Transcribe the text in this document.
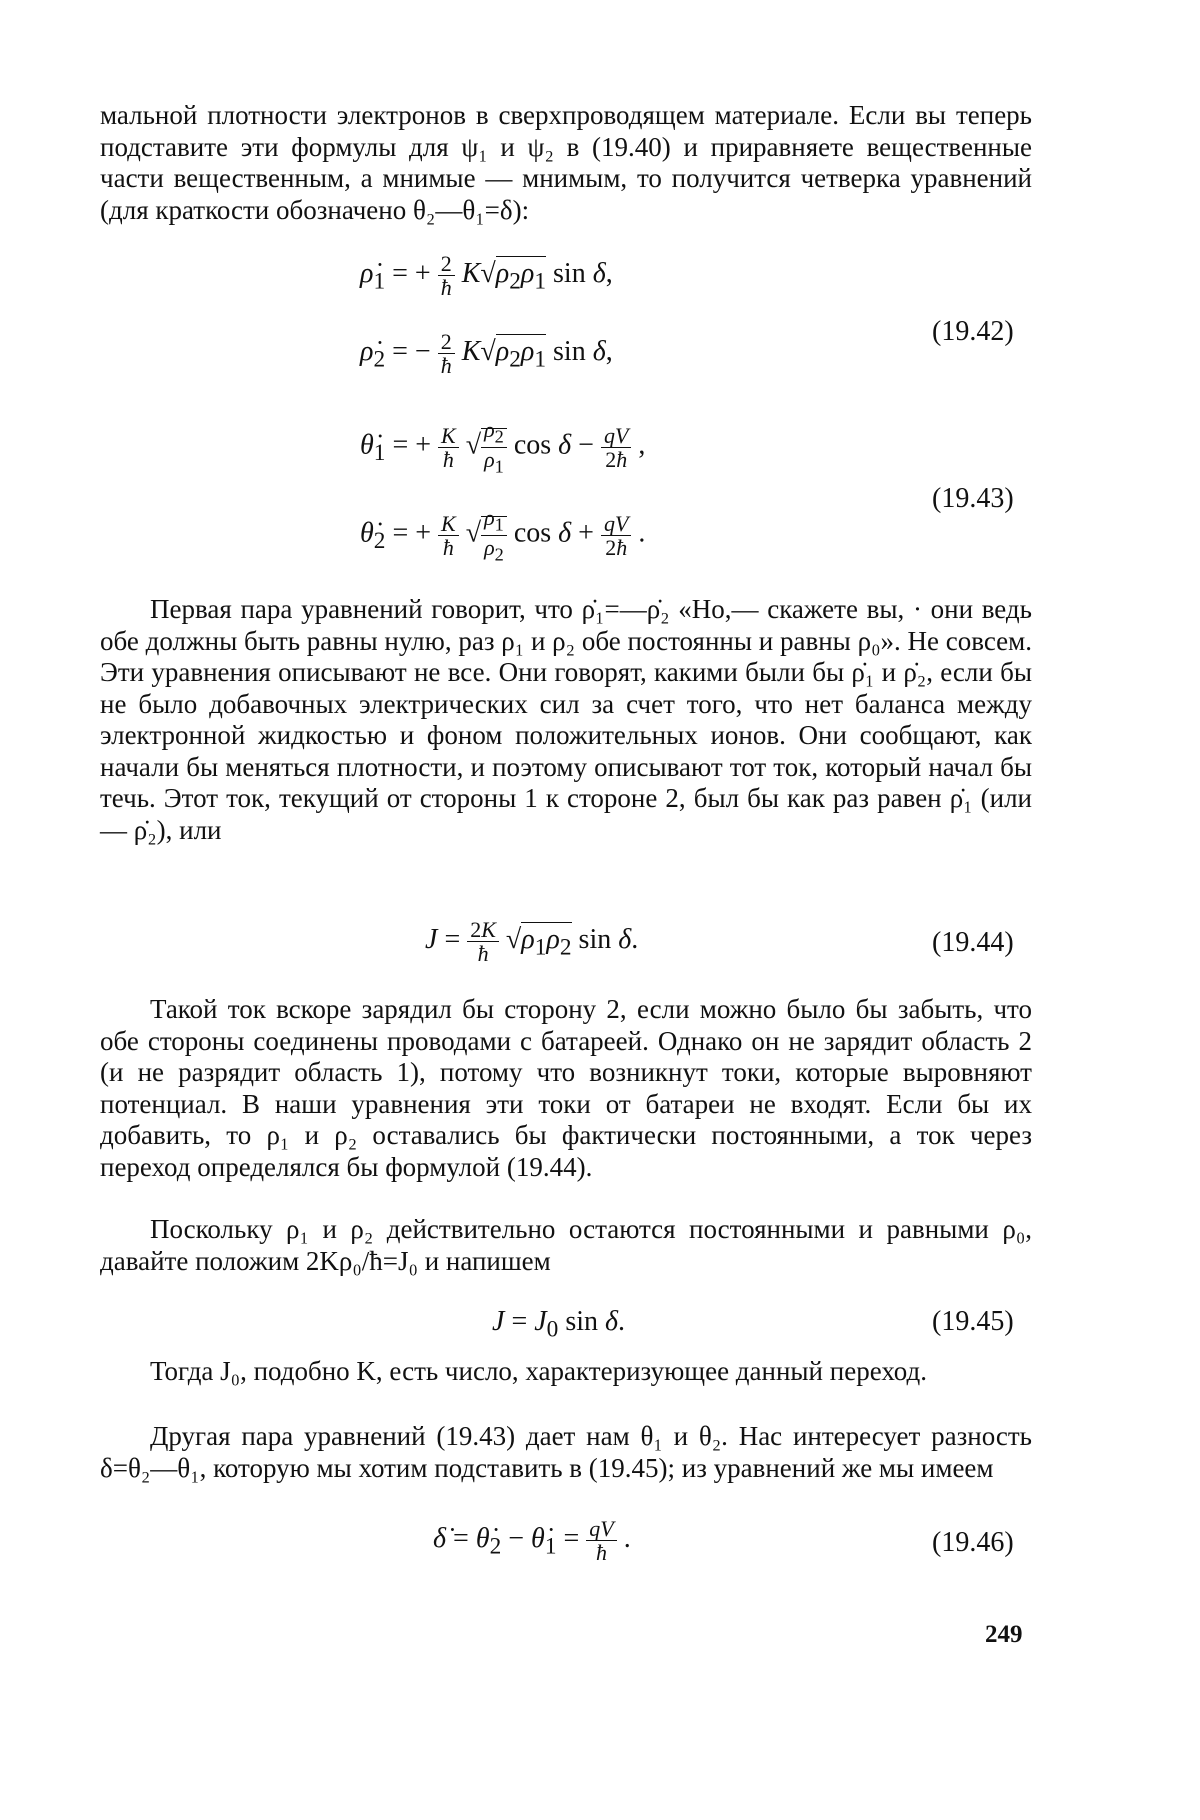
мальной плотности электронов в сверхпроводящем материале. Если вы теперь подставите эти формулы для ψ₁ и ψ₂ в (19.40) и приравняете вещественные части вещественным, а мнимые — мнимым, то получится четверка уравнений (для краткости обозначено θ₂—θ₁=δ):

$\rhȯ_1$ = + $\frac{2}{ħ} K√\rho_2\rho_1$ sin δ,
$\rhȯ_2$ = − $\frac{2}{ħ} K√\rho_2\rho_1$ sin δ,
(19.42)
$\thetȧ_1$ = + $\frac{K}{ħ}$ √ $\frac{\rho_2}{\rho_1}$ $\cos \delta - \frac{qV}{2ħ}$ ,
$\thetȧ_2$ = + $\frac{K}{ħ}$ √ $\frac{\rho_1}{\rho_2}$ $\cos \delta + \frac{qV}{2ħ}$ .
(19.43)

Первая пара уравнений говорит, что ρ̇₁=—ρ̇₂ «Но,— скажете вы, · они ведь обе должны быть равны нулю, раз ρ₁ и ρ₂ обе постоянны и равны ρ₀». Не совсем. Эти уравнения описывают не все. Они говорят, какими были бы ρ̇₁ и ρ̇₂, если бы не было добавочных электрических сил за счет того, что нет баланса между электронной жидкостью и фоном положительных ионов. Они сообщают, как начали бы меняться плотности, и поэтому описывают тот ток, который начал бы течь. Этот ток, текущий от стороны 1 к стороне 2, был бы как раз равен ρ̇₁ (или — ρ̇₂), или

$J = \frac{2K}{ħ} √\rho_1\rho_2$ sin δ.	(19.44)

Такой ток вскоре зарядил бы сторону 2, если можно было бы забыть, что обе стороны соединены проводами с батареей. Однако он не зарядит область 2 (и не разрядит область 1), потому что возникнут токи, которые выровняют потенциал. В наши уравнения эти токи от батареи не входят. Если бы их добавить, то ρ₁ и ρ₂ оставались бы фактически постоянными, а ток через переход определялся бы формулой (19.44).

Поскольку ρ₁ и ρ₂ действительно остаются постоянными и равными ρ₀, давайте положим 2Kρ₀/ħ=J₀ и напишем

$J = J_0$ sin δ.	(19.45)

Тогда J₀, подобно K, есть число, характеризующее данный переход.

Другая пара уравнений (19.43) дает нам θ₁ и θ₂. Нас интересует разность δ=θ₂—θ₁, которую мы хотим подставить в (19.45); из уравнений же мы имеем

δ̇ = $\thetȧ_2$ − $\thetȧ_1 = \frac{qV}{ħ}$ .	(19.46)
249
